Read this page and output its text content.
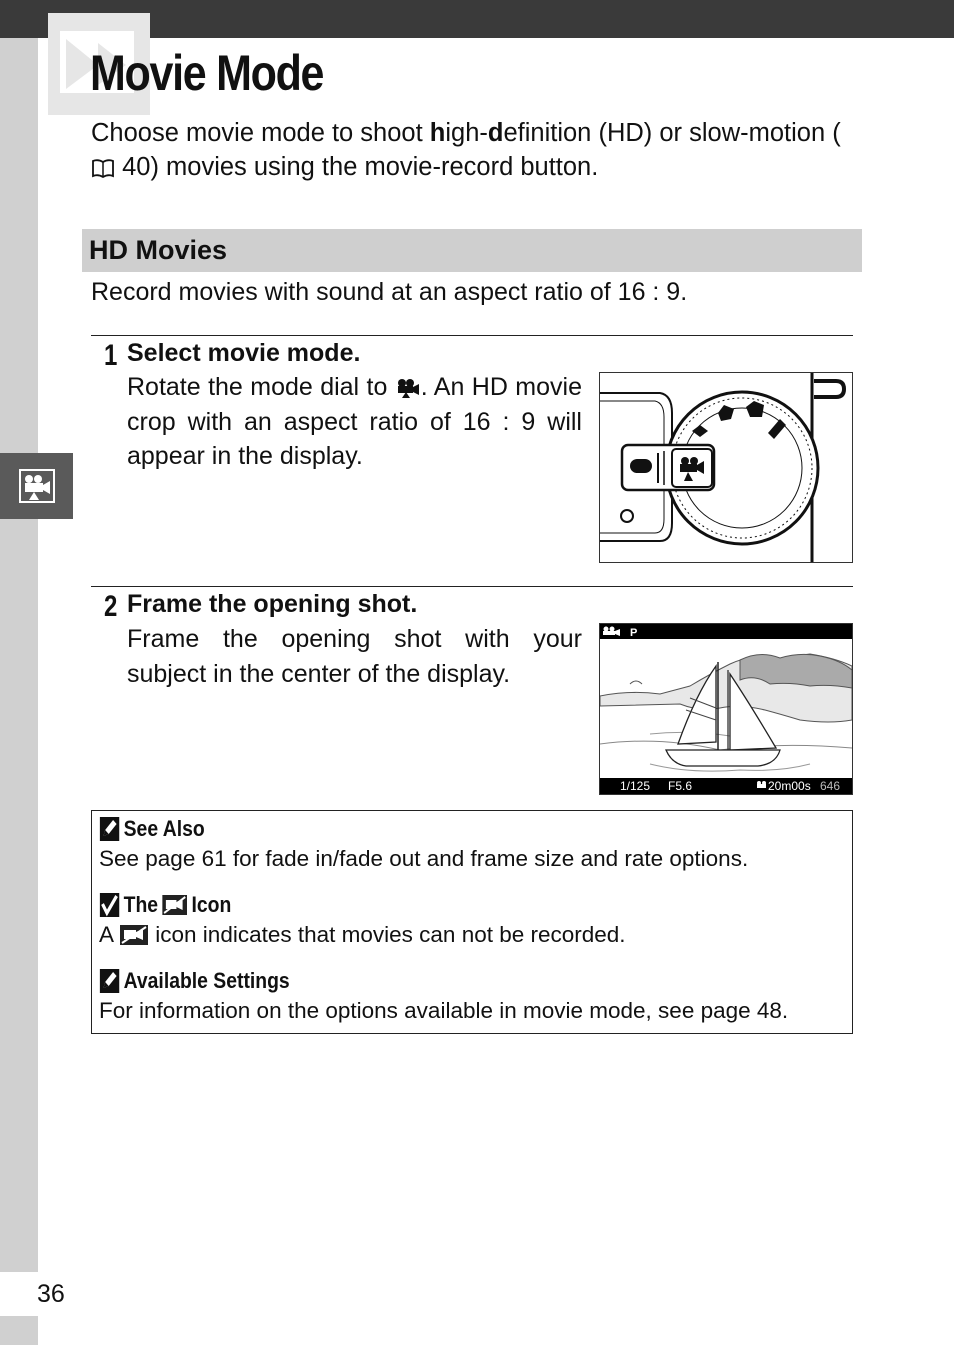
Movie Mode

Choose movie mode to shoot high-definition (HD) or slow-motion ( 40) movies using the movie-record button.

HD Movies

Record movies with sound at an aspect ratio of 16 : 9.

1 Select movie mode.

Rotate the mode dial to . An HD movie crop with an aspect ratio of 16 : 9 will appear in the display.

2 Frame the opening shot.

Frame the opening shot with your subject in the center of the display.

P
1/125 F5.6	20m00s 646
See Also
See page 61 for fade in/fade out and frame size and rate options.
The Icon
A  icon indicates that movies can not be recorded.
Available Settings
For information on the options available in movie mode, see page 48.
36
